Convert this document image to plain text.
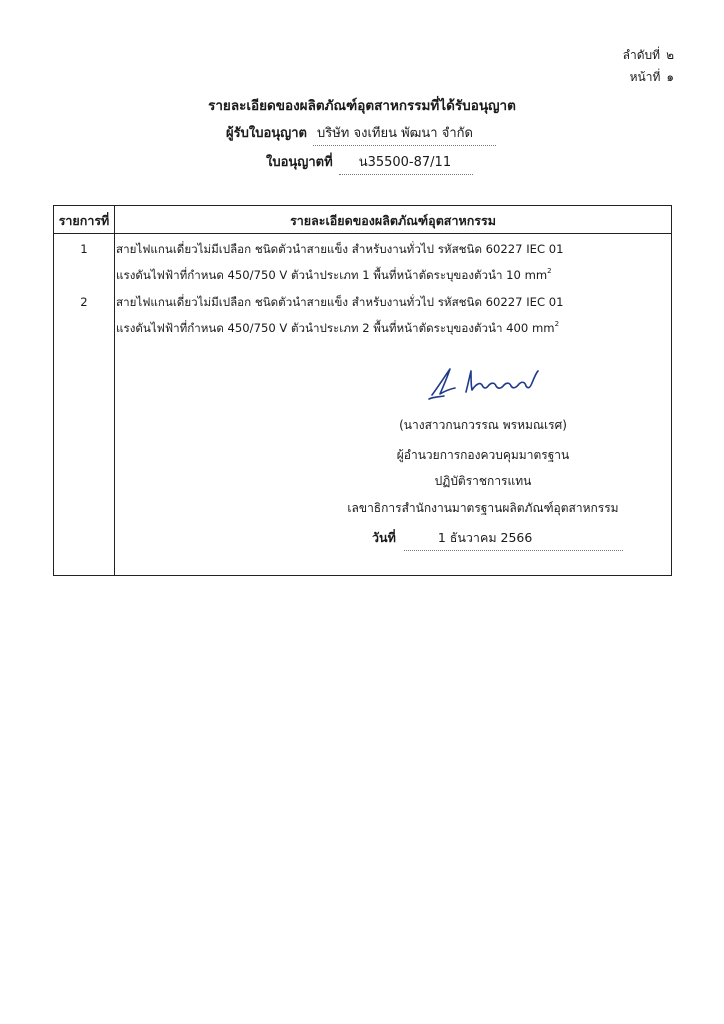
ลำดับที่ ๒
หน้าที่ ๑
รายละเอียดของผลิตภัณฑ์อุตสาหกรรมที่ได้รับอนุญาต
ผู้รับใบอนุญาต บริษัท จงเทียน พัฒนา จำกัด
ใบอนุญาตที่	น35500-87/11
รายการที่	รายละเอียดของผลิตภัณฑ์อุตสาหกรรม
1	สายไฟแกนเดี่ยวไม่มีเปลือก ชนิดตัวนำสายแข็ง สำหรับงานทั่วไป รหัสชนิด 60227 IEC 01
แรงดันไฟฟ้าที่กำหนด 450/750 V ตัวนำประเภท 1 พื้นที่หน้าตัดระบุของตัวนำ 10 $mm^2$
2	สายไฟแกนเดี่ยวไม่มีเปลือก ชนิดตัวนำสายแข็ง สำหรับงานทั่วไป รหัสชนิด 60227 IEC 01
แรงดันไฟฟ้าที่กำหนด 450/750 V ตัวนำประเภท 2 พื้นที่หน้าตัดระบุของตัวนำ 400 $mm^2$
(นางสาวกนกวรรณ พรหมณเรศ)
ผู้อำนวยการกองควบคุมมาตรฐาน
ปฏิบัติราชการแทน
เลขาธิการสำนักงานมาตรฐานผลิตภัณฑ์อุตสาหกรรม
วันที่	1 ธันวาคม 2566
